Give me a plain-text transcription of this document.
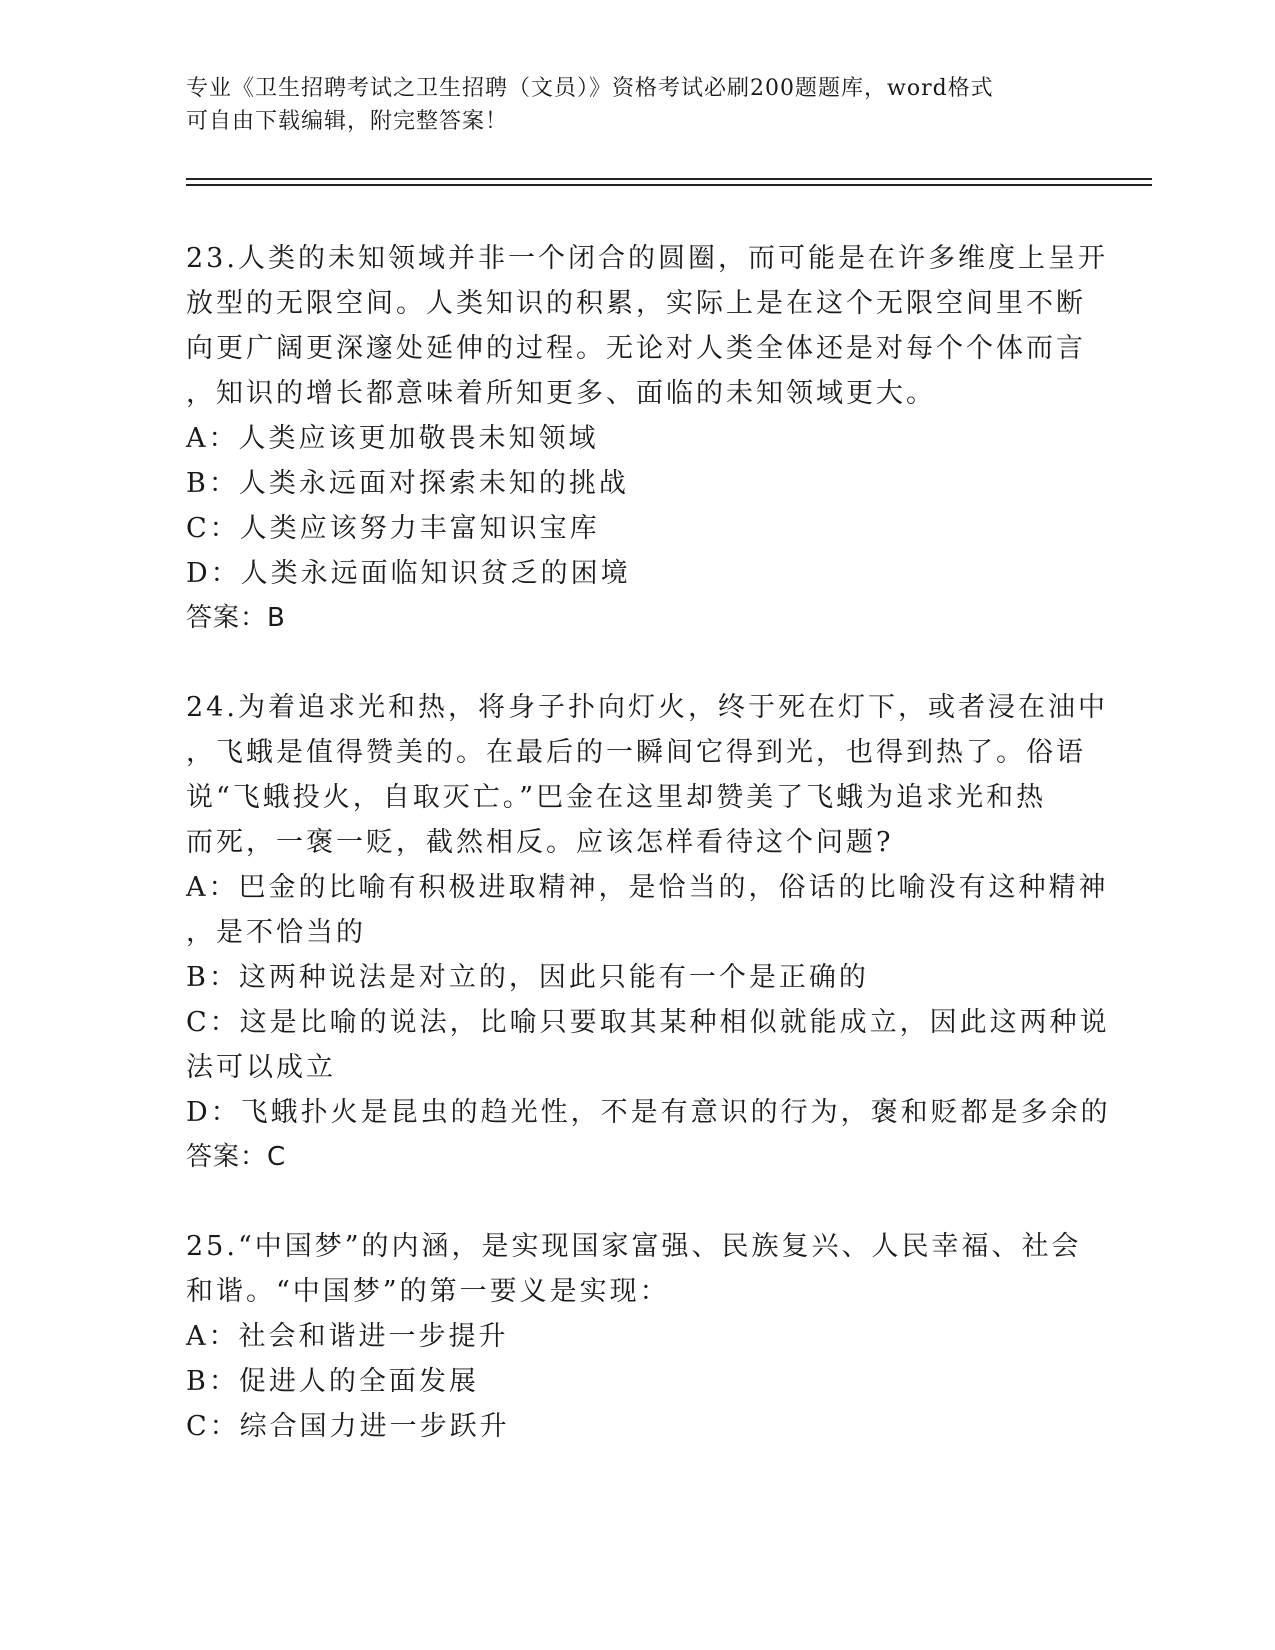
专业《卫生招聘考试之卫生招聘（文员）》资格考试必刷200题题库，word格式
可自由下载编辑，附完整答案！
23.人类的未知领域并非一个闭合的圆圈，而可能是在许多维度上呈开
放型的无限空间。人类知识的积累，实际上是在这个无限空间里不断
向更广阔更深邃处延伸的过程。无论对人类全体还是对每个个体而言
，知识的增长都意味着所知更多、面临的未知领域更大。
A：人类应该更加敬畏未知领域
B：人类永远面对探索未知的挑战
C：人类应该努力丰富知识宝库
D：人类永远面临知识贫乏的困境
答案：B
24.为着追求光和热，将身子扑向灯火，终于死在灯下，或者浸在油中
，飞蛾是值得赞美的。在最后的一瞬间它得到光，也得到热了。俗语
说“飞蛾投火，自取灭亡。”巴金在这里却赞美了飞蛾为追求光和热
而死，一褒一贬，截然相反。应该怎样看待这个问题?
A：巴金的比喻有积极进取精神，是恰当的，俗话的比喻没有这种精神
，是不恰当的
B：这两种说法是对立的，因此只能有一个是正确的
C：这是比喻的说法，比喻只要取其某种相似就能成立，因此这两种说
法可以成立
D：飞蛾扑火是昆虫的趋光性，不是有意识的行为，褒和贬都是多余的
答案：C
25.“中国梦”的内涵，是实现国家富强、民族复兴、人民幸福、社会
和谐。“中国梦”的第一要义是实现：
A：社会和谐进一步提升
B：促进人的全面发展
C：综合国力进一步跃升
